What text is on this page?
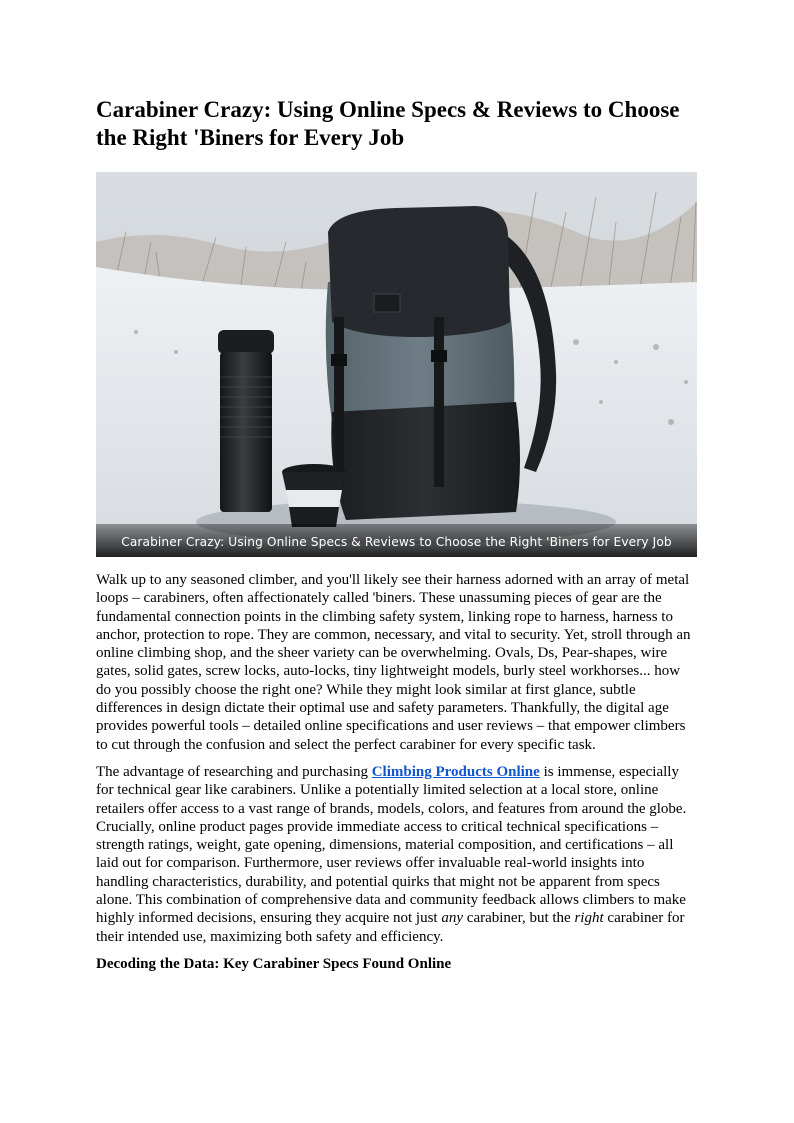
Carabiner Crazy: Using Online Specs & Reviews to Choose the Right 'Biners for Every Job
Carabiner Crazy: Using Online Specs & Reviews to Choose the Right 'Biners for Every Job

Walk up to any seasoned climber, and you'll likely see their harness adorned with an array of metal loops – carabiners, often affectionately called 'biners. These unassuming pieces of gear are the fundamental connection points in the climbing safety system, linking rope to harness, harness to anchor, protection to rope. They are common, necessary, and vital to security. Yet, stroll through an online climbing shop, and the sheer variety can be overwhelming. Ovals, Ds, Pear-shapes, wire gates, solid gates, screw locks, auto-locks, tiny lightweight models, burly steel workhorses... how do you possibly choose the right one? While they might look similar at first glance, subtle differences in design dictate their optimal use and safety parameters. Thankfully, the digital age provides powerful tools – detailed online specifications and user reviews – that empower climbers to cut through the confusion and select the perfect carabiner for every specific task.

The advantage of researching and purchasing Climbing Products Online is immense, especially for technical gear like carabiners. Unlike a potentially limited selection at a local store, online retailers offer access to a vast range of brands, models, colors, and features from around the globe. Crucially, online product pages provide immediate access to critical technical specifications – strength ratings, weight, gate opening, dimensions, material composition, and certifications – all laid out for comparison. Furthermore, user reviews offer invaluable real-world insights into handling characteristics, durability, and potential quirks that might not be apparent from specs alone. This combination of comprehensive data and community feedback allows climbers to make highly informed decisions, ensuring they acquire not just any carabiner, but the right carabiner for their intended use, maximizing both safety and efficiency.

Decoding the Data: Key Carabiner Specs Found Online
